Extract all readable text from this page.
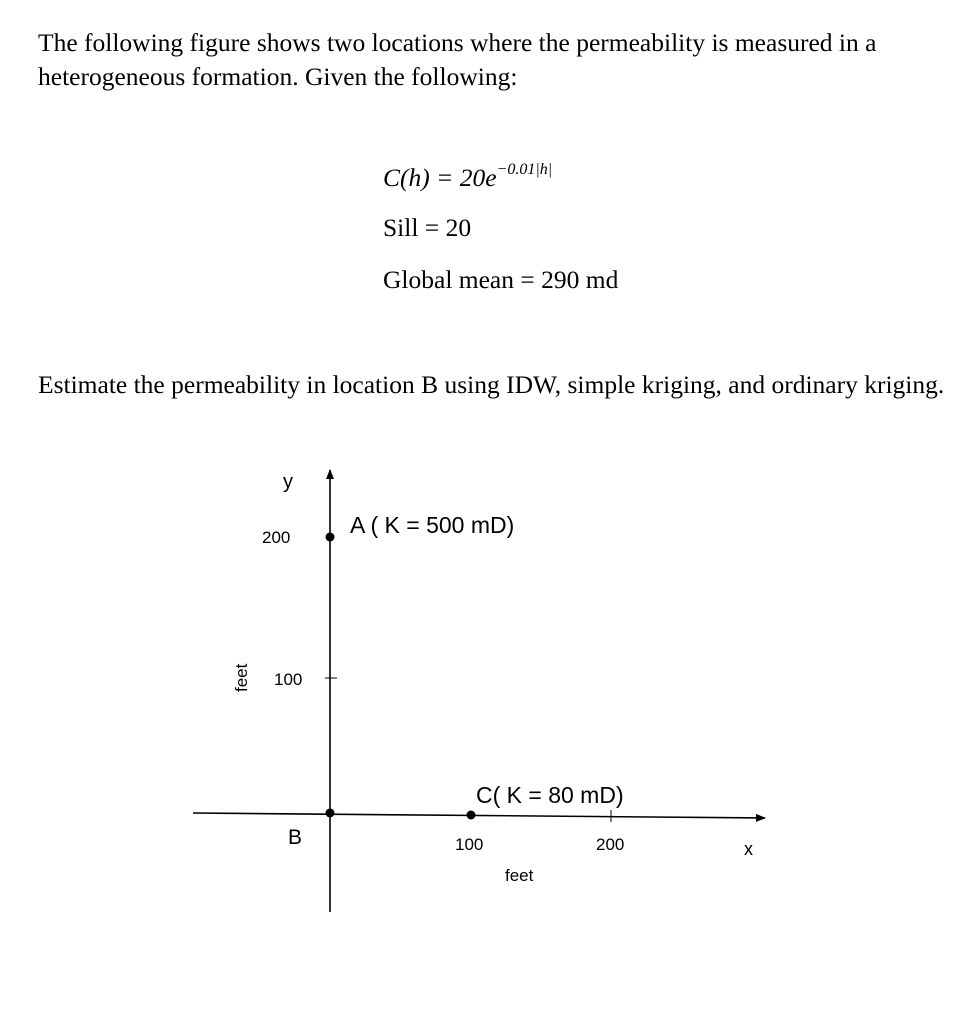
The following figure shows two locations where the permeability is measured in a heterogeneous formation. Given the following:

$C(h) = 20e^{-0.01|h|}$
Sill = 20
Global mean = 290 md

Estimate the permeability in location B using IDW, simple kriging, and ordinary kriging.

y
200
100
feet
A ( K = 500 mD)
C( K = 80 mD)
B	100	200	x
feet
